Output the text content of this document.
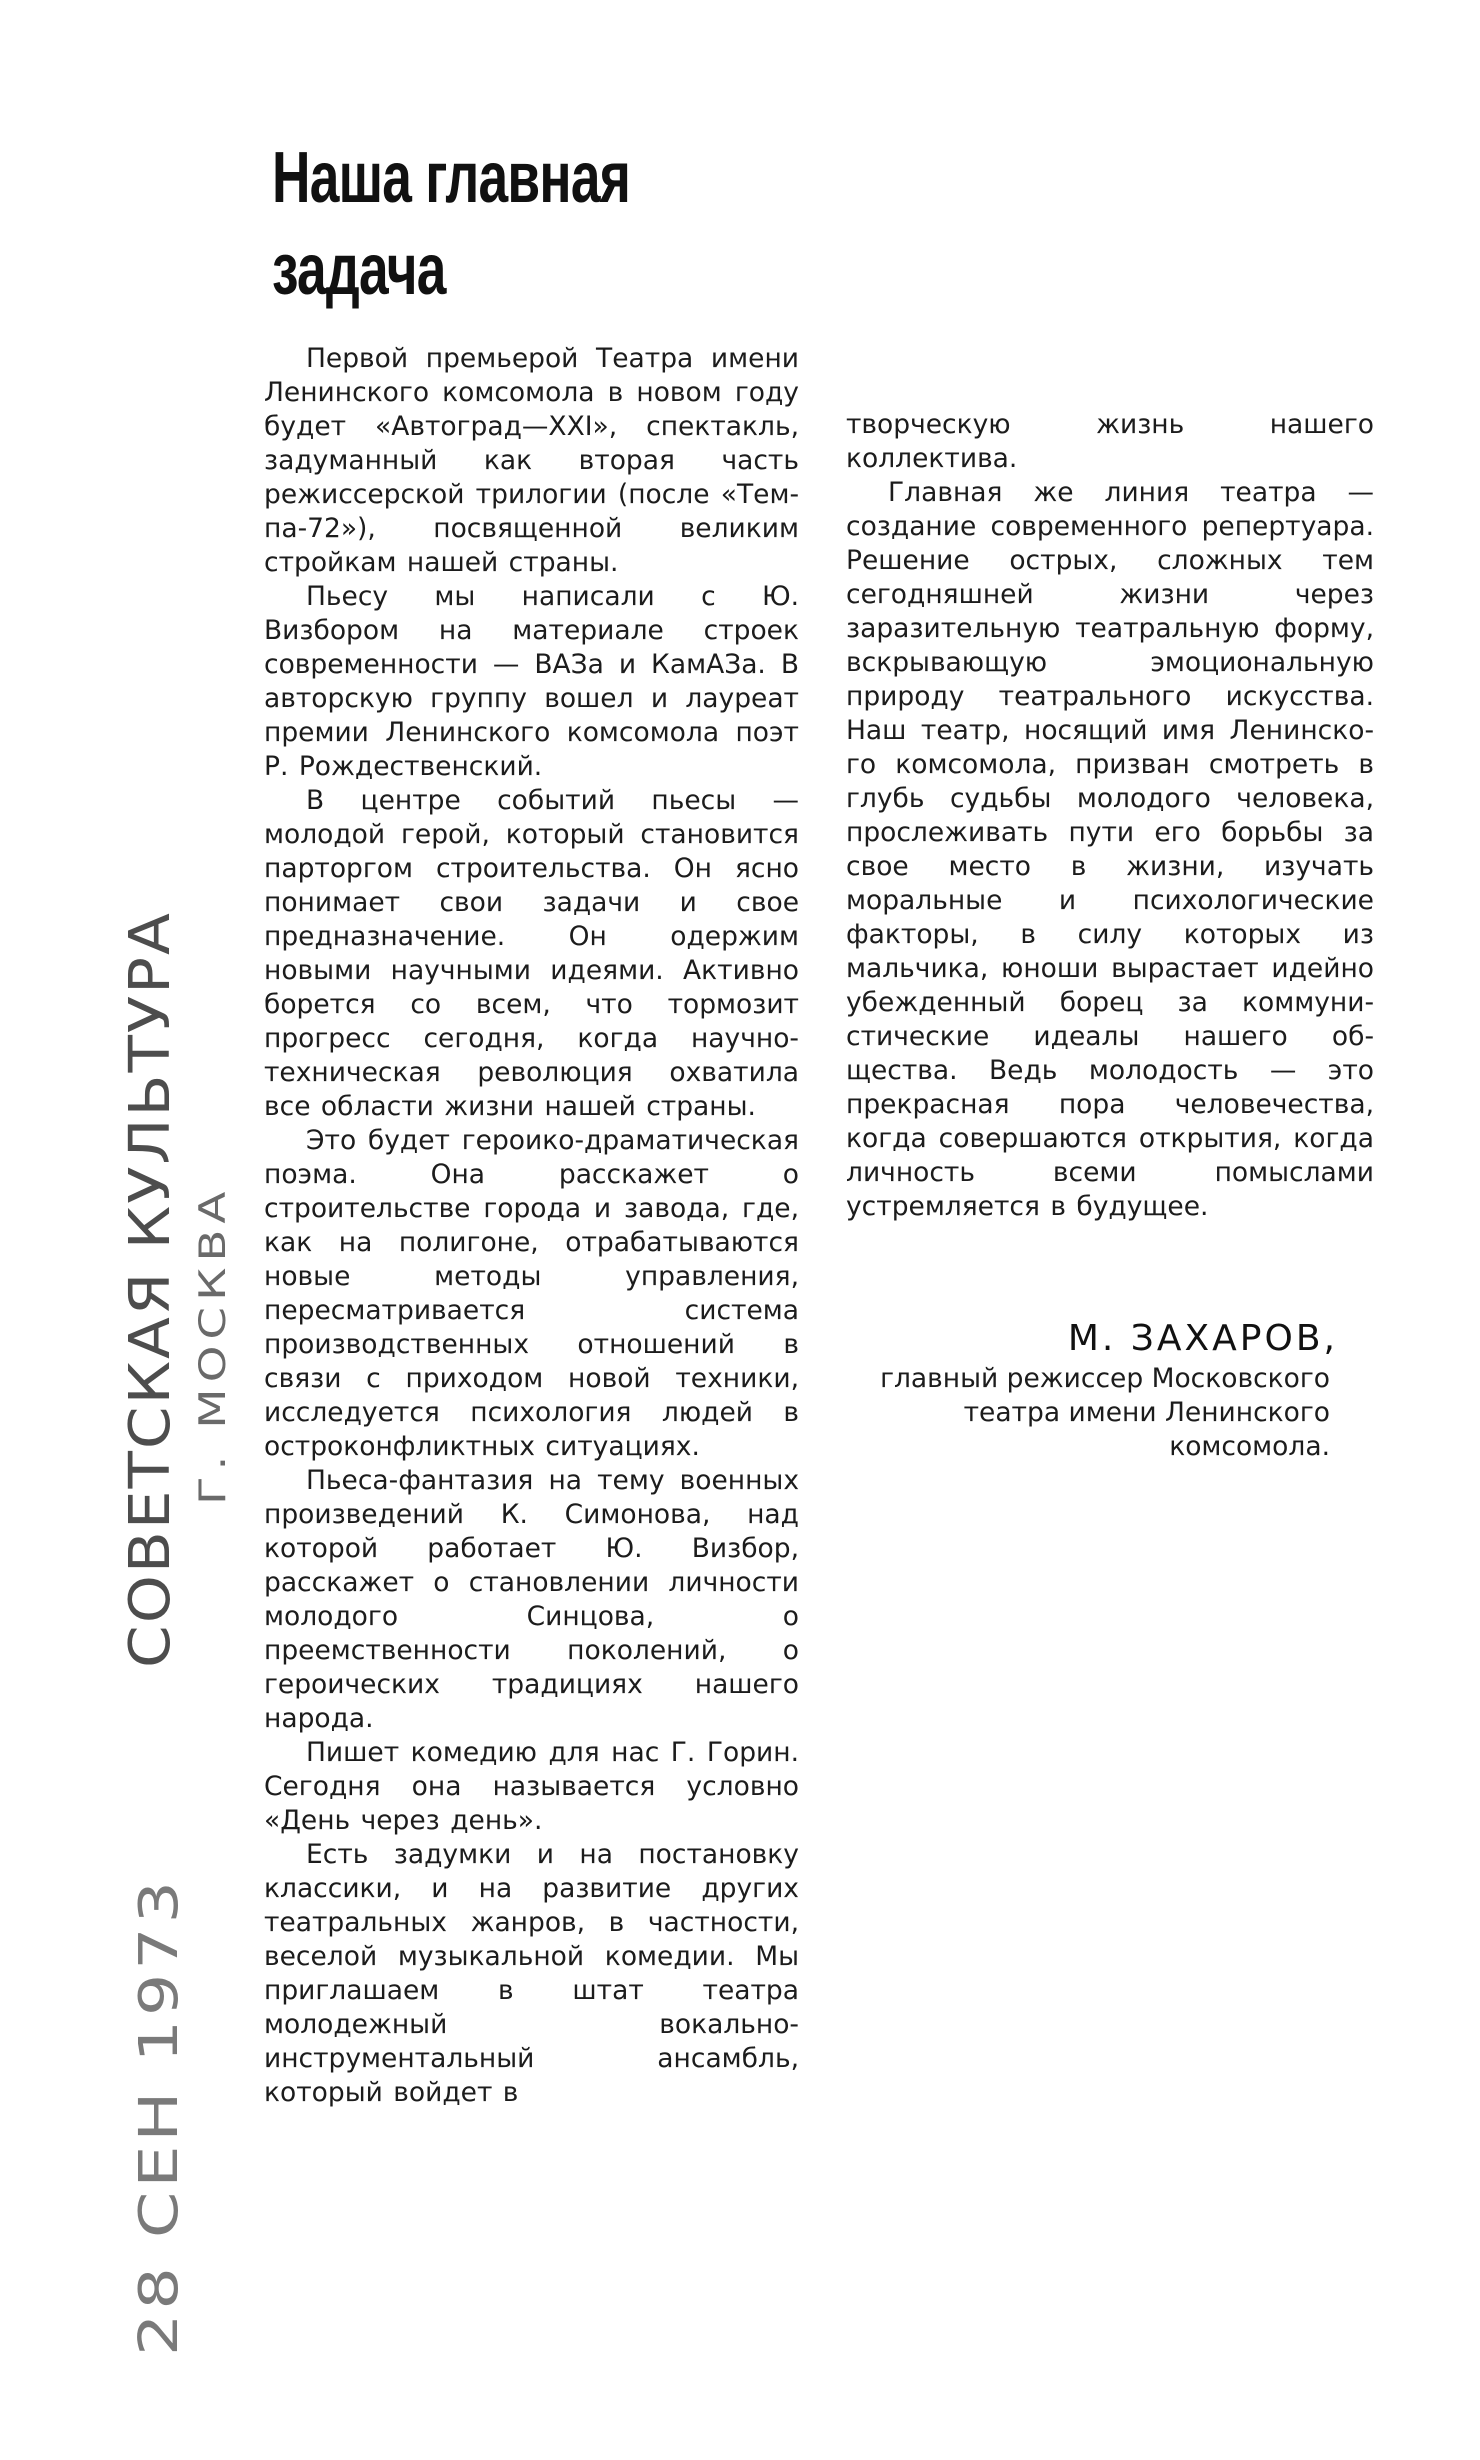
Наша главная
задача

Первой премьерой Театра имени Ленинского комсомола в новом году будет «Автоград—XXI», спектакль, задуманный как вторая часть режиссерской трилогии (после «Темпа-72»), посвященной великим стройкам нашей страны.

Пьесу мы написали с Ю. Визбором на материале строек современности — ВАЗа и КамАЗа. В авторскую группу вошел и лауреат премии Ленинского комсомола поэт Р. Рождественский.

В центре событий пьесы — молодой герой, который становится парторгом строительства. Он ясно понимает свои задачи и свое предназначение. Он одержим новыми научными идеями. Активно борется со всем, что тормозит прогресс сегодня, когда научно-техническая революция охватила все области жизни нашей страны.

Это будет героико-драматическая поэма. Она расскажет о строительстве города и завода, где, как на полигоне, отрабатываются новые методы управления, пересматривается система производственных отношений в связи с приходом новой техники, исследуется психология людей в остроконфликтных ситуациях.

Пьеса-фантазия на тему военных произведений К. Симонова, над которой работает Ю. Визбор, расскажет о становлении личности молодого Синцова, о преемственности поколений, о героических традициях нашего народа.

Пишет комедию для нас Г. Горин. Сегодня она называется условно «День через день».

Есть задумки и на постановку классики, и на развитие других театральных жанров, в частности, веселой музыкальной комедии. Мы приглашаем в штат театра молодежный вокально-инструментальный ансамбль, который войдет в

творческую жизнь нашего коллектива.

Главная же линия театра — создание современного репертуара. Решение острых, сложных тем сегодняшней жизни через заразительную театральную форму, вскрывающую эмоциональную природу театрального искусства. Наш театр, носящий имя Ленинского комсомола, призван смотреть в глубь судьбы молодого человека, прослеживать пути его борьбы за свое место в жизни, изучать моральные и психологические факторы, в силу которых из мальчика, юноши вырастает идейно убежденный борец за коммунистические идеалы нашего общества. Ведь молодость — это прекрасная пора человечества, когда совершаются открытия, когда личность всеми помыслами устремляется в будущее.

М. ЗАХАРОВ,
главный режиссер Московского театра имени Ленинского комсомола.
СОВЕТСКАЯ КУЛЬТУРА Г. МОСКВА
28 СЕН 1973
